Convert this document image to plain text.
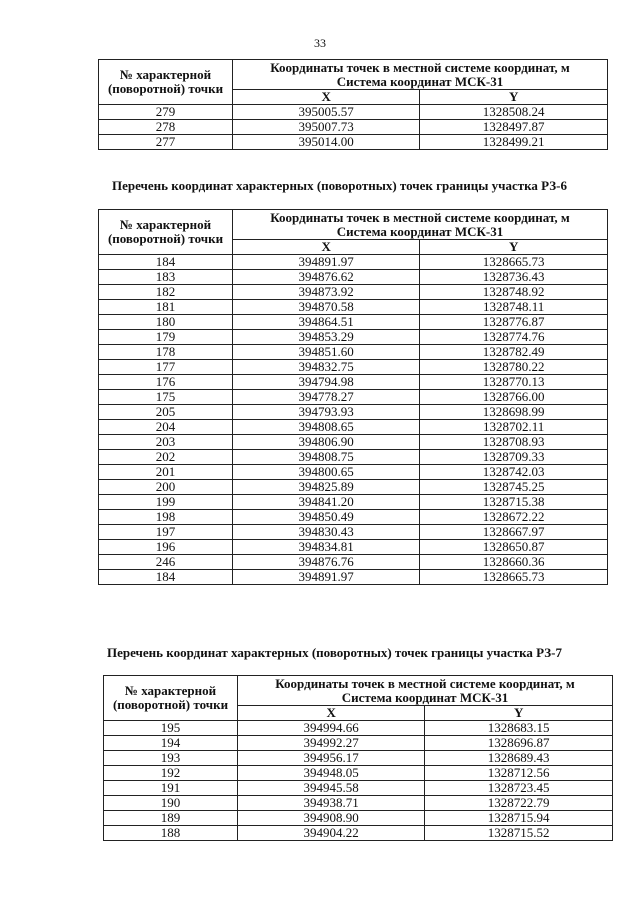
33
№ характерной (поворотной) точки	Координаты точек в местной системе координат, м
Система координат МСК-31	

	X	Y
279	395005.57	1328508.24
278	395007.73	1328497.87
277	395014.00	1328499.21
Перечень координат характерных (поворотных) точек границы участка РЗ-6
№ характерной (поворотной) точки	Координаты точек в местной системе координат, м
Система координат МСК-31	

	X	Y
184	394891.97	1328665.73
183	394876.62	1328736.43
182	394873.92	1328748.92
181	394870.58	1328748.11
180	394864.51	1328776.87
179	394853.29	1328774.76
178	394851.60	1328782.49
177	394832.75	1328780.22
176	394794.98	1328770.13
175	394778.27	1328766.00
205	394793.93	1328698.99
204	394808.65	1328702.11
203	394806.90	1328708.93
202	394808.75	1328709.33
201	394800.65	1328742.03
200	394825.89	1328745.25
199	394841.20	1328715.38
198	394850.49	1328672.22
197	394830.43	1328667.97
196	394834.81	1328650.87
246	394876.76	1328660.36
184	394891.97	1328665.73
Перечень координат характерных (поворотных) точек границы участка РЗ-7
№ характерной (поворотной) точки	Координаты точек в местной системе координат, м
Система координат МСК-31	

	X	Y
195	394994.66	1328683.15
194	394992.27	1328696.87
193	394956.17	1328689.43
192	394948.05	1328712.56
191	394945.58	1328723.45
190	394938.71	1328722.79
189	394908.90	1328715.94
188	394904.22	1328715.52
